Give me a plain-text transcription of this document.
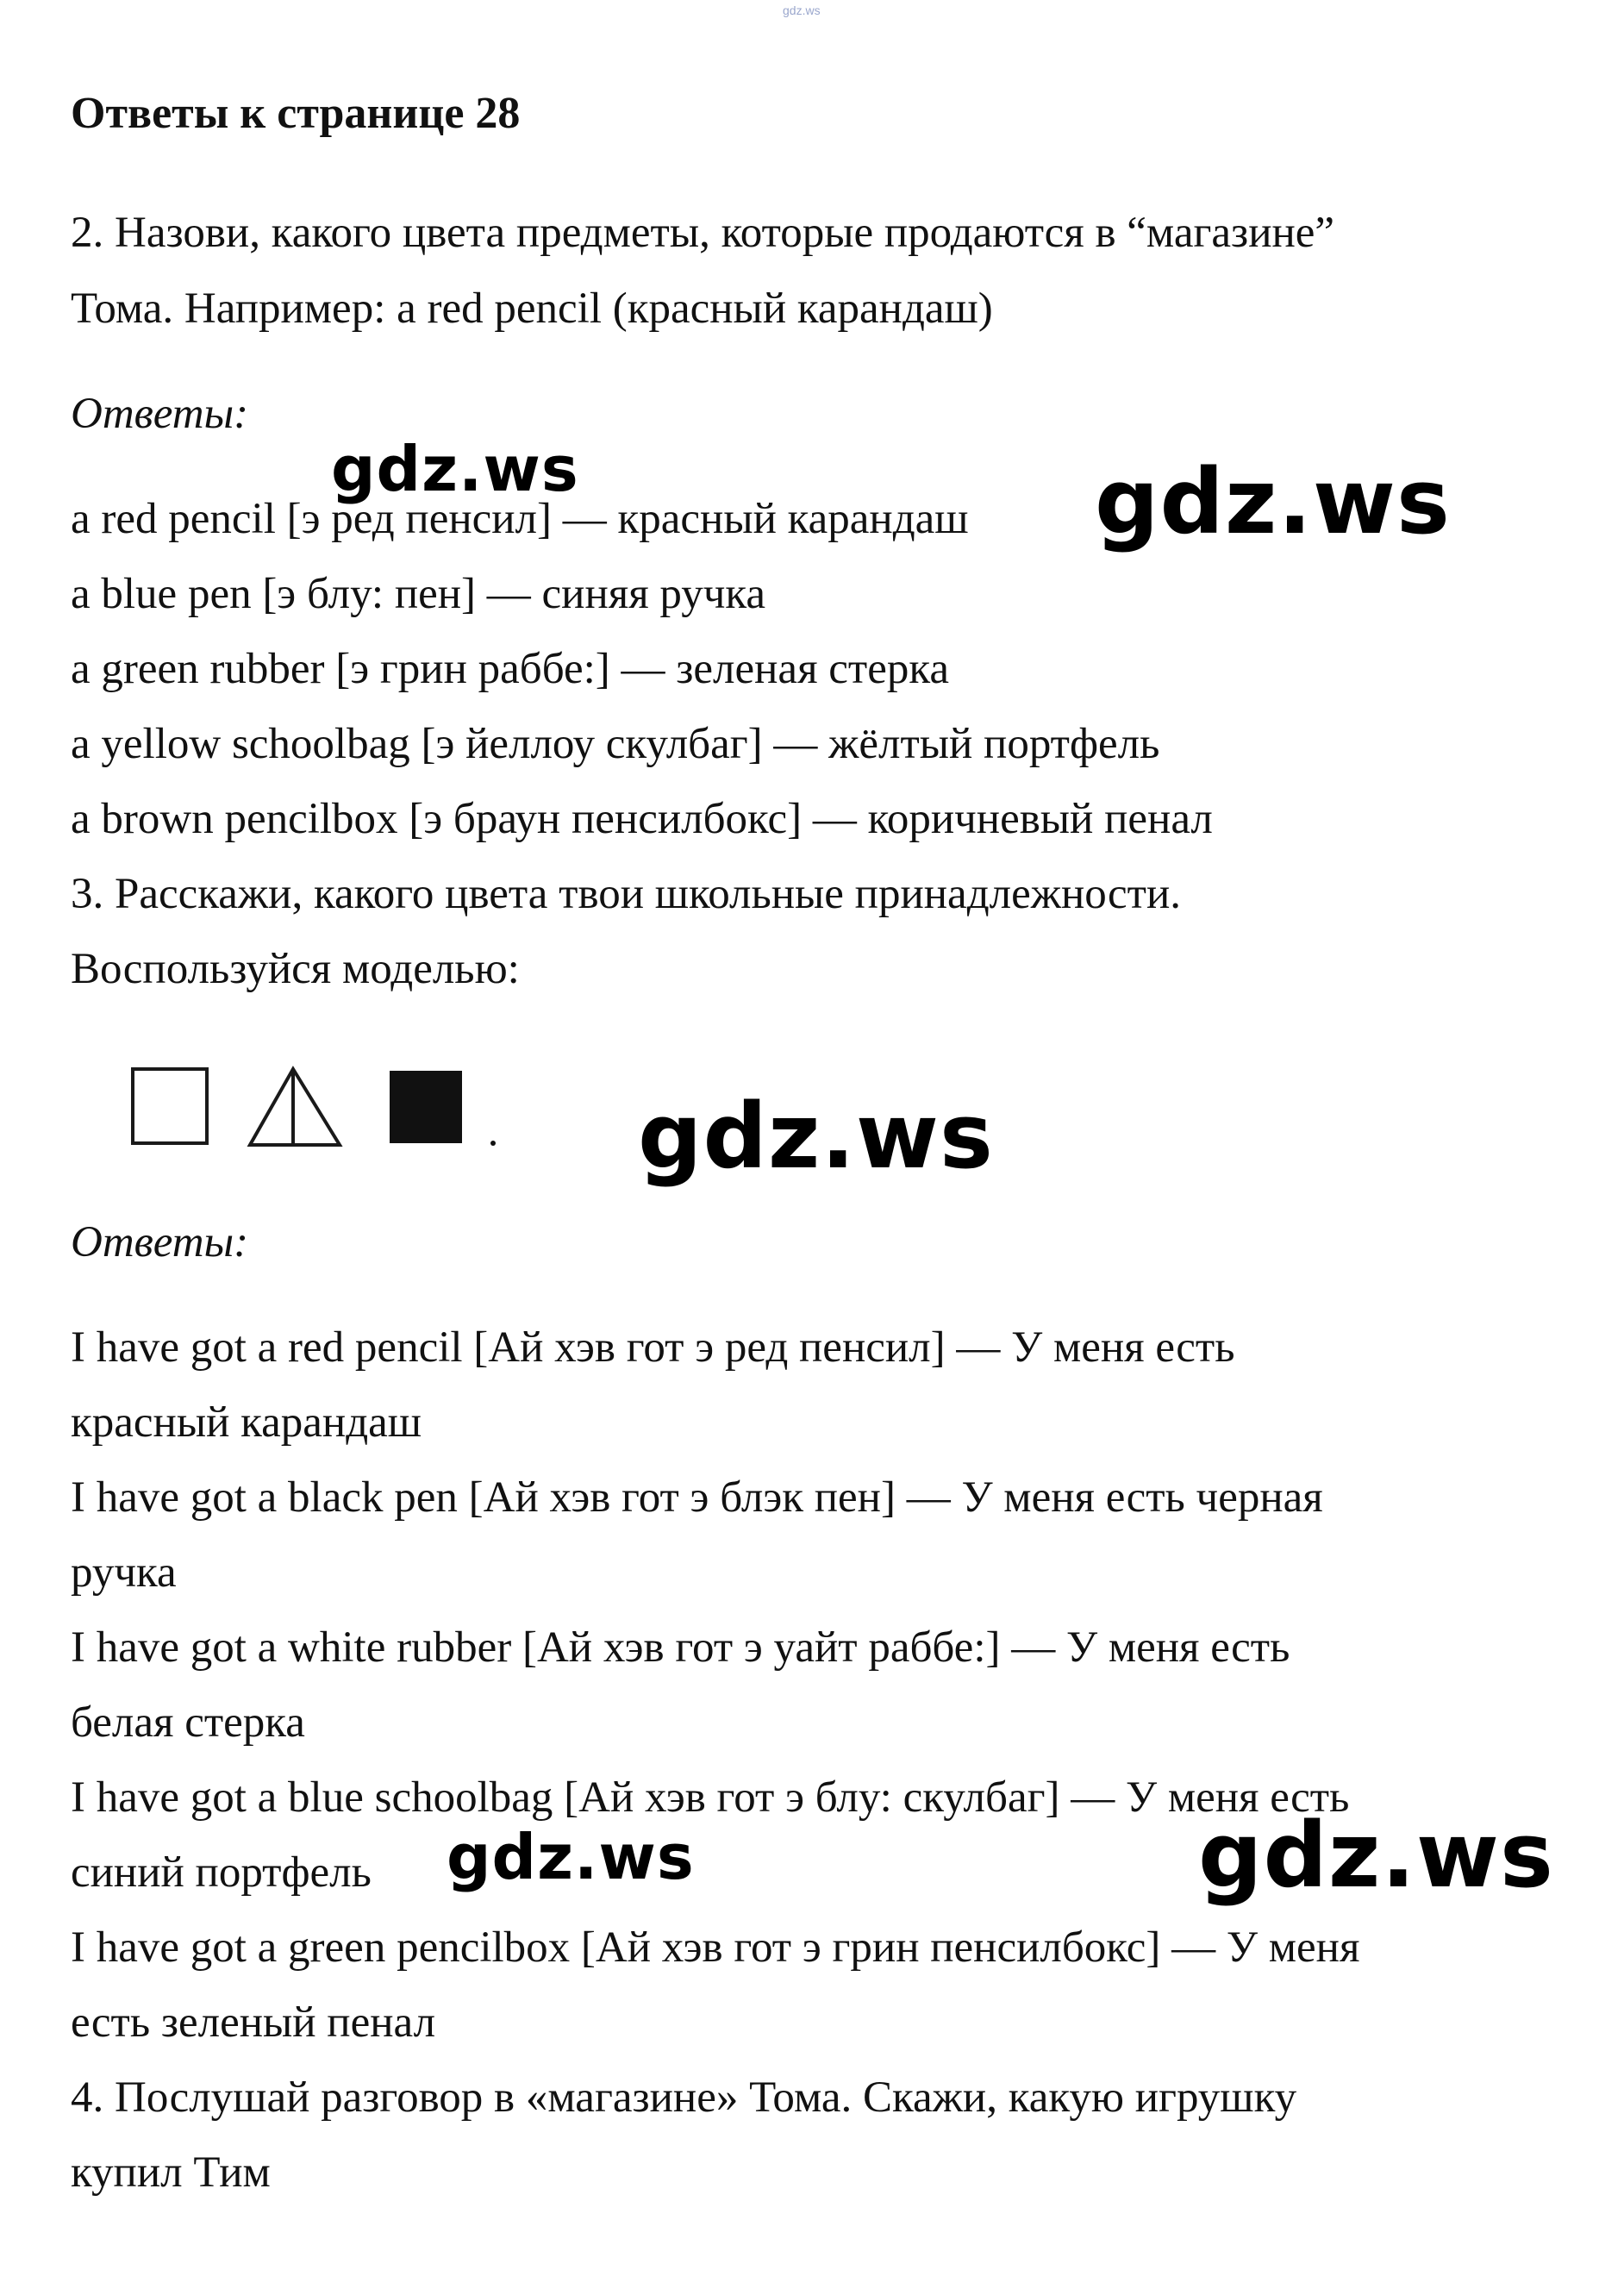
gdz.ws
Ответы к странице 28
2. Назови, какого цвета предметы, которые продаются в “магазине”
Тома. Например: a red pencil (красный карандаш)
Ответы:
a red pencil [э ред пенсил] — красный карандаш
a blue pen [э блу: пен] — синяя ручка
a green rubber [э грин раббе:] — зеленая стерка
a yellow schoolbag [э йеллоу скулбаг] — жёлтый портфель
a brown pencilbox [э браун пенсилбокс] — коричневый пенал
3. Расскажи, какого цвета твои школьные принадлежности.
Воспользуйся моделью:
Ответы:
I have got a red pencil [Ай хэв гот э ред пенсил] — У меня есть
красный карандаш
I have got a black pen [Ай хэв гот э блэк пен] — У меня есть черная
ручка
I have got a white rubber [Ай хэв гот э уайт раббе:] — У меня есть
белая стерка
I have got a blue schoolbag [Ай хэв гот э блу: скулбаг] — У меня есть
синий портфель
I have got a green pencilbox [Ай хэв гот э грин пенсилбокс] — У меня
есть зеленый пенал
4. Послушай разговор в «магазине» Тома. Скажи, какую игрушку
купил Тим
gdz.ws	gdz.ws
gdz.ws
gdz.ws	gdz.ws
